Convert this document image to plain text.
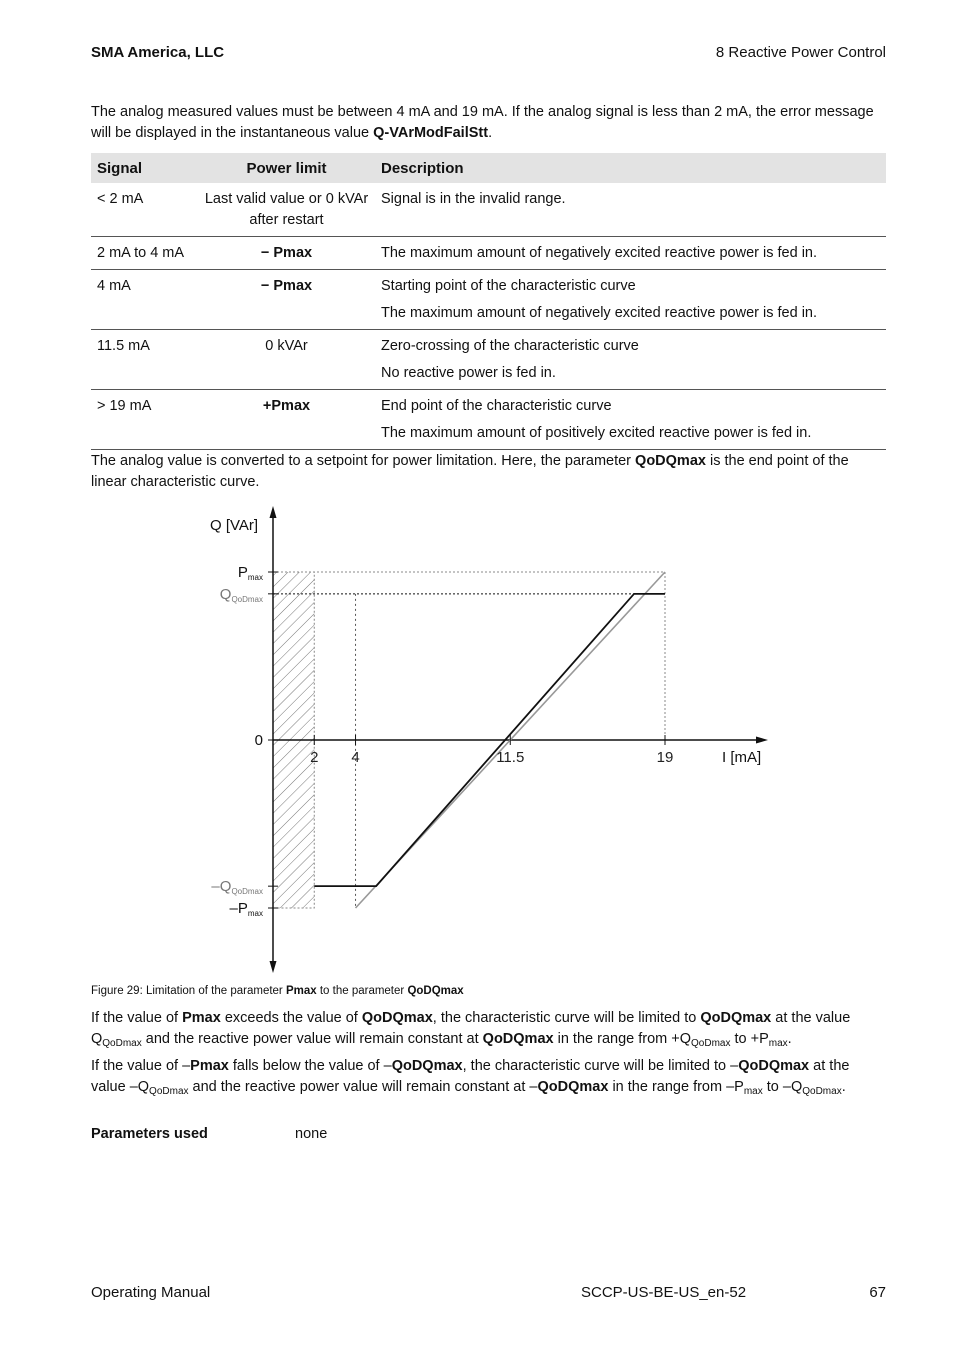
SMA America, LLC	8 Reactive Power Control
The analog measured values must be between 4 mA and 19 mA. If the analog signal is less than 2 mA, the error message will be displayed in the instantaneous value Q-VArModFailStt.
Signal	Power limit	Description
< 2 mA	Last valid value or 0 kVAr after restart	Signal is in the invalid range.

2 mA to 4 mA	− Pmax	The maximum amount of negatively excited reactive power is fed in.

4 mA	− Pmax	Starting point of the characteristic curve

The maximum amount of negatively excited reactive power is fed in.

11.5 mA	0 kVAr	Zero-crossing of the characteristic curve

No reactive power is fed in.

> 19 mA	+Pmax	End point of the characteristic curve

The maximum amount of positively excited reactive power is fed in.

The analog value is converted to a setpoint for power limitation. Here, the parameter QoDQmax is the end point of the linear characteristic curve.
2 4	11.5	19
$P_{max}$
$Q_{QoDmax}$
0
$-Q_{QoDmax}$
$-P_{max}$
Q [VAr]
I [mA]
Figure 29: Limitation of the parameter Pmax to the parameter QoDQmax
If the value of Pmax exceeds the value of QoDQmax, the characteristic curve will be limited to QoDQmax at the value $Q_{QoDmax}$ and the reactive power value will remain constant at QoDQmax in the range from $+Q_{QoDmax}$ to $+P_{max}$.
If the value of –Pmax falls below the value of –QoDQmax, the characteristic curve will be limited to –QoDQmax at the value $-Q_{QoDmax}$ and the reactive power value will remain constant at –QoDQmax in the range from $-P_{max}$ to $-Q_{QoDmax}$.
Parameters used	none
Operating Manual	SCCP-US-BE-US_en-52	67
